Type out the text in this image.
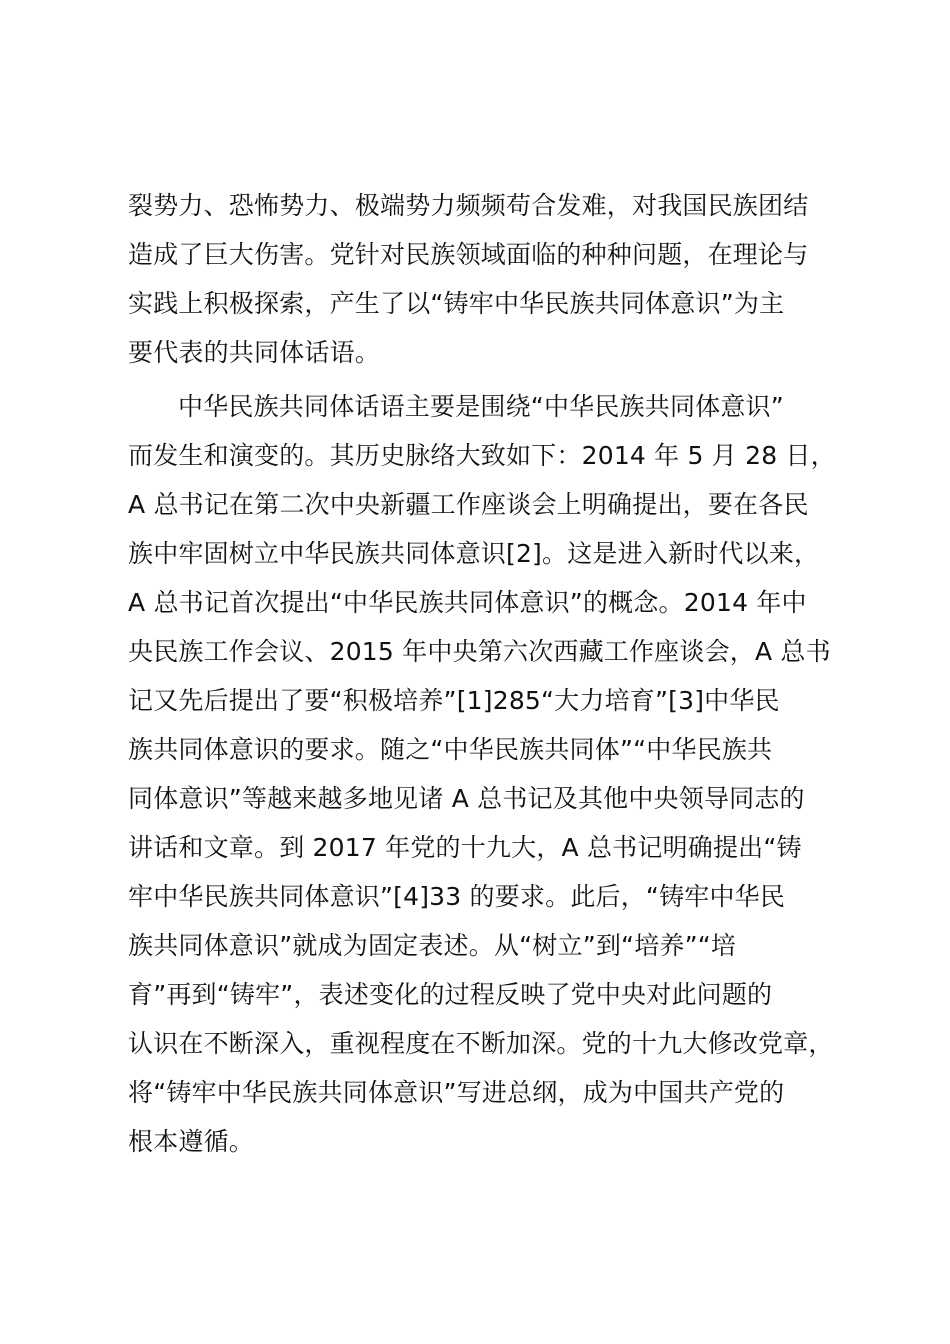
裂势力、恐怖势力、极端势力频频苟合发难，对我国民族团结
造成了巨大伤害。党针对民族领域面临的种种问题，在理论与
实践上积极探索，产生了以“铸牢中华民族共同体意识”为主
要代表的共同体话语。
中华民族共同体话语主要是围绕“中华民族共同体意识”
而发生和演变的。其历史脉络大致如下：2014 年 5 月 28 日，
A 总书记在第二次中央新疆工作座谈会上明确提出，要在各民
族中牢固树立中华民族共同体意识[2]。这是进入新时代以来，
A 总书记首次提出“中华民族共同体意识”的概念。2014 年中
央民族工作会议、2015 年中央第六次西藏工作座谈会，A 总书
记又先后提出了要“积极培养”[1]285“大力培育”[3]中华民
族共同体意识的要求。随之“中华民族共同体”“中华民族共
同体意识”等越来越多地见诸 A 总书记及其他中央领导同志的
讲话和文章。到 2017 年党的十九大，A 总书记明确提出“铸
牢中华民族共同体意识”[4]33 的要求。此后，“铸牢中华民
族共同体意识”就成为固定表述。从“树立”到“培养”“培
育”再到“铸牢”，表述变化的过程反映了党中央对此问题的
认识在不断深入，重视程度在不断加深。党的十九大修改党章，
将“铸牢中华民族共同体意识”写进总纲，成为中国共产党的
根本遵循。
